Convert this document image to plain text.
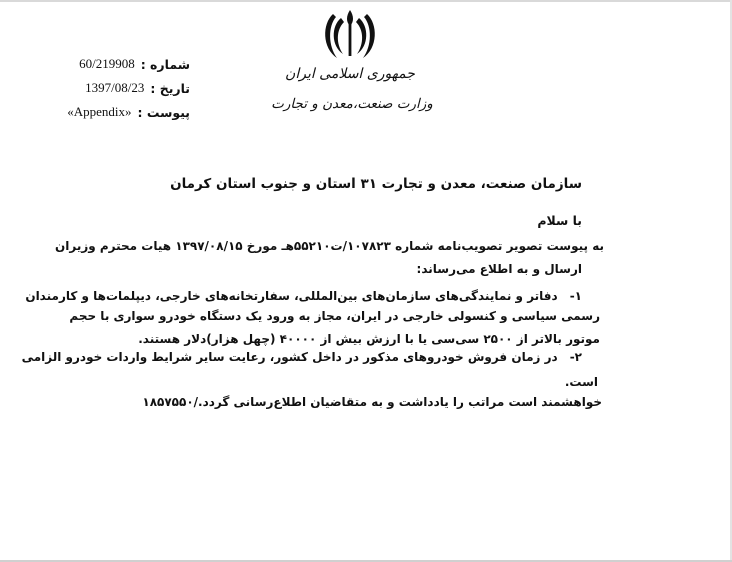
شماره :
60/219908
تاریخ :
1397/08/23
پیوست :
«Appendix»
جمهوری اسلامی ایران
وزارت صنعت،معدن و تجارت
سازمان صنعت، معدن و تجارت ۳۱ استان و جنوب استان کرمان
با سلام
به پیوست تصویر تصویب‌نامه شماره ۱۰۷۸۲۳/ت۵۵۲۱۰هـ مورخ ۱۳۹۷/۰۸/۱۵ هیات محترم وزیران
ارسال و به اطلاع می‌رساند:
۱-دفاتر و نمایندگی‌های سازمان‌های بین‌المللی، سفارتخانه‌های خارجی، دیپلمات‌ها و کارمندان
رسمی سیاسی و کنسولی خارجی در ایران، مجاز به ورود یک دستگاه خودرو سواری با حجم
موتور بالاتر از ۲۵۰۰ سی‌سی یا با ارزش بیش از ۴۰۰۰۰ (چهل هزار)دلار هستند.
۲-در زمان فروش خودروهای مذکور در داخل کشور، رعایت سایر شرایط واردات خودرو الزامی
است.
خواهشمند است مراتب را یادداشت و به متقاضیان اطلاع‌رسانی گردد./۱۸۵۷۵۵۰
